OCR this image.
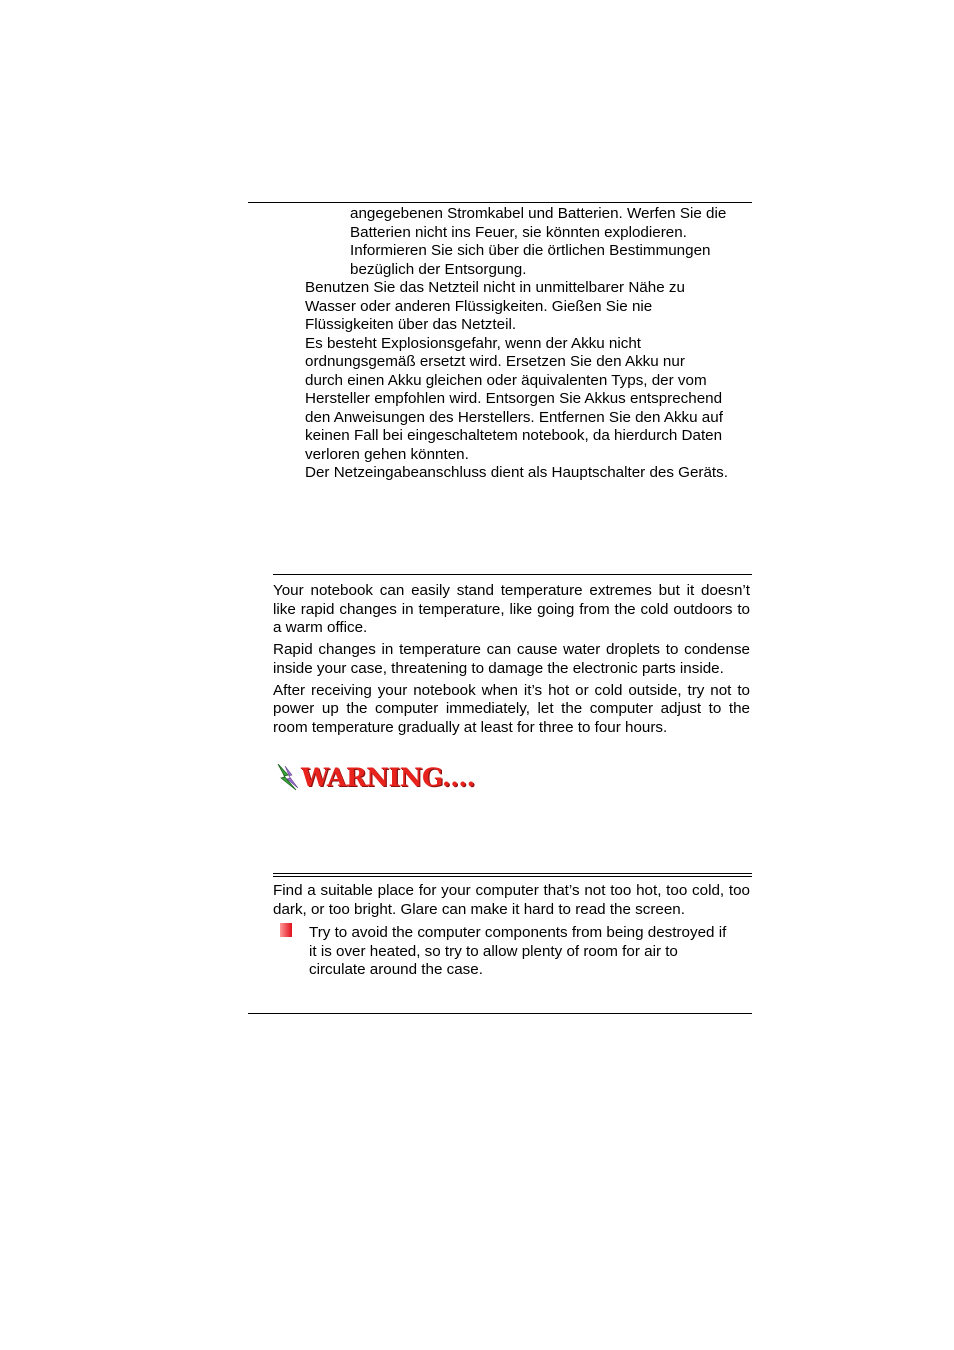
angegebenen Stromkabel und Batterien. Werfen Sie die
Batterien nicht ins Feuer, sie könnten explodieren.
Informieren Sie sich über die örtlichen Bestimmungen
bezüglich der Entsorgung.
Benutzen Sie das Netzteil nicht in unmittelbarer Nähe zu
Wasser oder anderen Flüssigkeiten. Gießen Sie nie
Flüssigkeiten über das Netzteil.
Es besteht Explosionsgefahr, wenn der Akku nicht
ordnungsgemäß ersetzt wird. Ersetzen Sie den Akku nur
durch einen Akku gleichen oder äquivalenten Typs, der vom
Hersteller empfohlen wird. Entsorgen Sie Akkus entsprechend
den Anweisungen des Herstellers. Entfernen Sie den Akku auf
keinen Fall bei eingeschaltetem notebook, da hierdurch Daten
verloren gehen könnten.
Der Netzeingabeanschluss dient als Hauptschalter des Geräts.

Your notebook can easily stand temperature extremes but it doesn’t like rapid changes in temperature, like going from the cold outdoors to a warm office.

Rapid changes in temperature can cause water droplets to condense inside your case, threatening to damage the electronic parts inside.

After receiving your notebook when it’s hot or cold outside, try not to power up the computer immediately, let the computer adjust to the room temperature gradually at least for three to four hours.

WARNING....

Find a suitable place for your computer that’s not too hot, too cold, too dark, or too bright. Glare can make it hard to read the screen.

Try to avoid the computer components from being destroyed if
it is over heated, so try to allow plenty of room for air to
circulate around the case.
